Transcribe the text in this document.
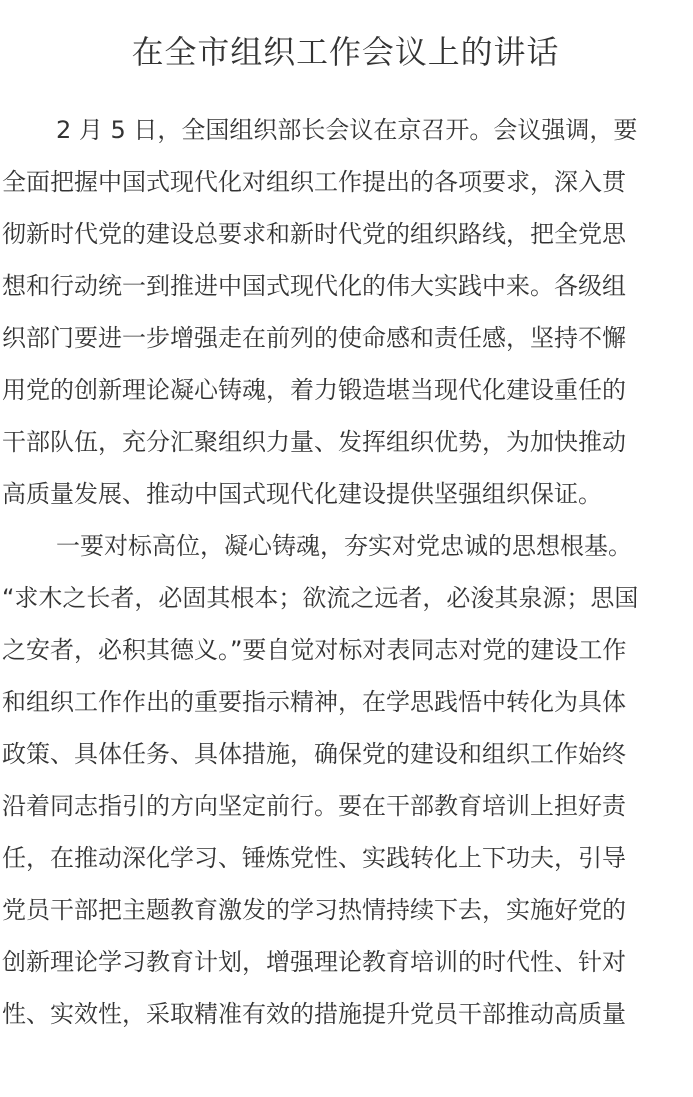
在全市组织工作会议上的讲话
2 月 5 日，全国组织部长会议在京召开。会议强调，要
全面把握中国式现代化对组织工作提出的各项要求，深入贯
彻新时代党的建设总要求和新时代党的组织路线，把全党思
想和行动统一到推进中国式现代化的伟大实践中来。各级组
织部门要进一步增强走在前列的使命感和责任感，坚持不懈
用党的创新理论凝心铸魂，着力锻造堪当现代化建设重任的
干部队伍，充分汇聚组织力量、发挥组织优势，为加快推动
高质量发展、推动中国式现代化建设提供坚强组织保证。
一要对标高位，凝心铸魂，夯实对党忠诚的思想根基。
“求木之长者，必固其根本；欲流之远者，必浚其泉源；思国
之安者，必积其德义。”要自觉对标对表同志对党的建设工作
和组织工作作出的重要指示精神，在学思践悟中转化为具体
政策、具体任务、具体措施，确保党的建设和组织工作始终
沿着同志指引的方向坚定前行。要在干部教育培训上担好责
任，在推动深化学习、锤炼党性、实践转化上下功夫，引导
党员干部把主题教育激发的学习热情持续下去，实施好党的
创新理论学习教育计划，增强理论教育培训的时代性、针对
性、实效性，采取精准有效的措施提升党员干部推动高质量
